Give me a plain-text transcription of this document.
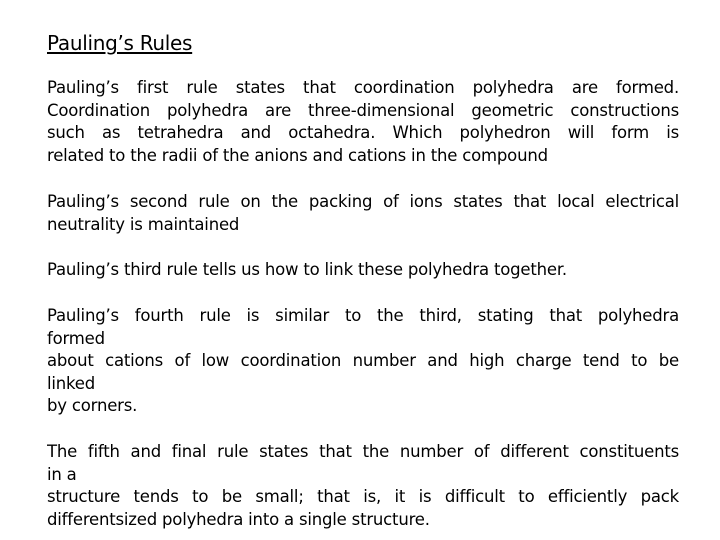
Pauling’s Rules
Pauling’s first rule states that coordination polyhedra are formed.
Coordination polyhedra are three-dimensional geometric constructions
such as tetrahedra and octahedra. Which polyhedron will form is
related to the radii of the anions and cations in the compound
Pauling’s second rule on the packing of ions states that local electrical
neutrality is maintained
Pauling’s third rule tells us how to link these polyhedra together.
Pauling’s fourth rule is similar to the third, stating that polyhedra
formed
about cations of low coordination number and high charge tend to be
linked
by corners.
The fifth and final rule states that the number of different constituents
in a
structure tends to be small; that is, it is difficult to efficiently pack
differentsized polyhedra into a single structure.
